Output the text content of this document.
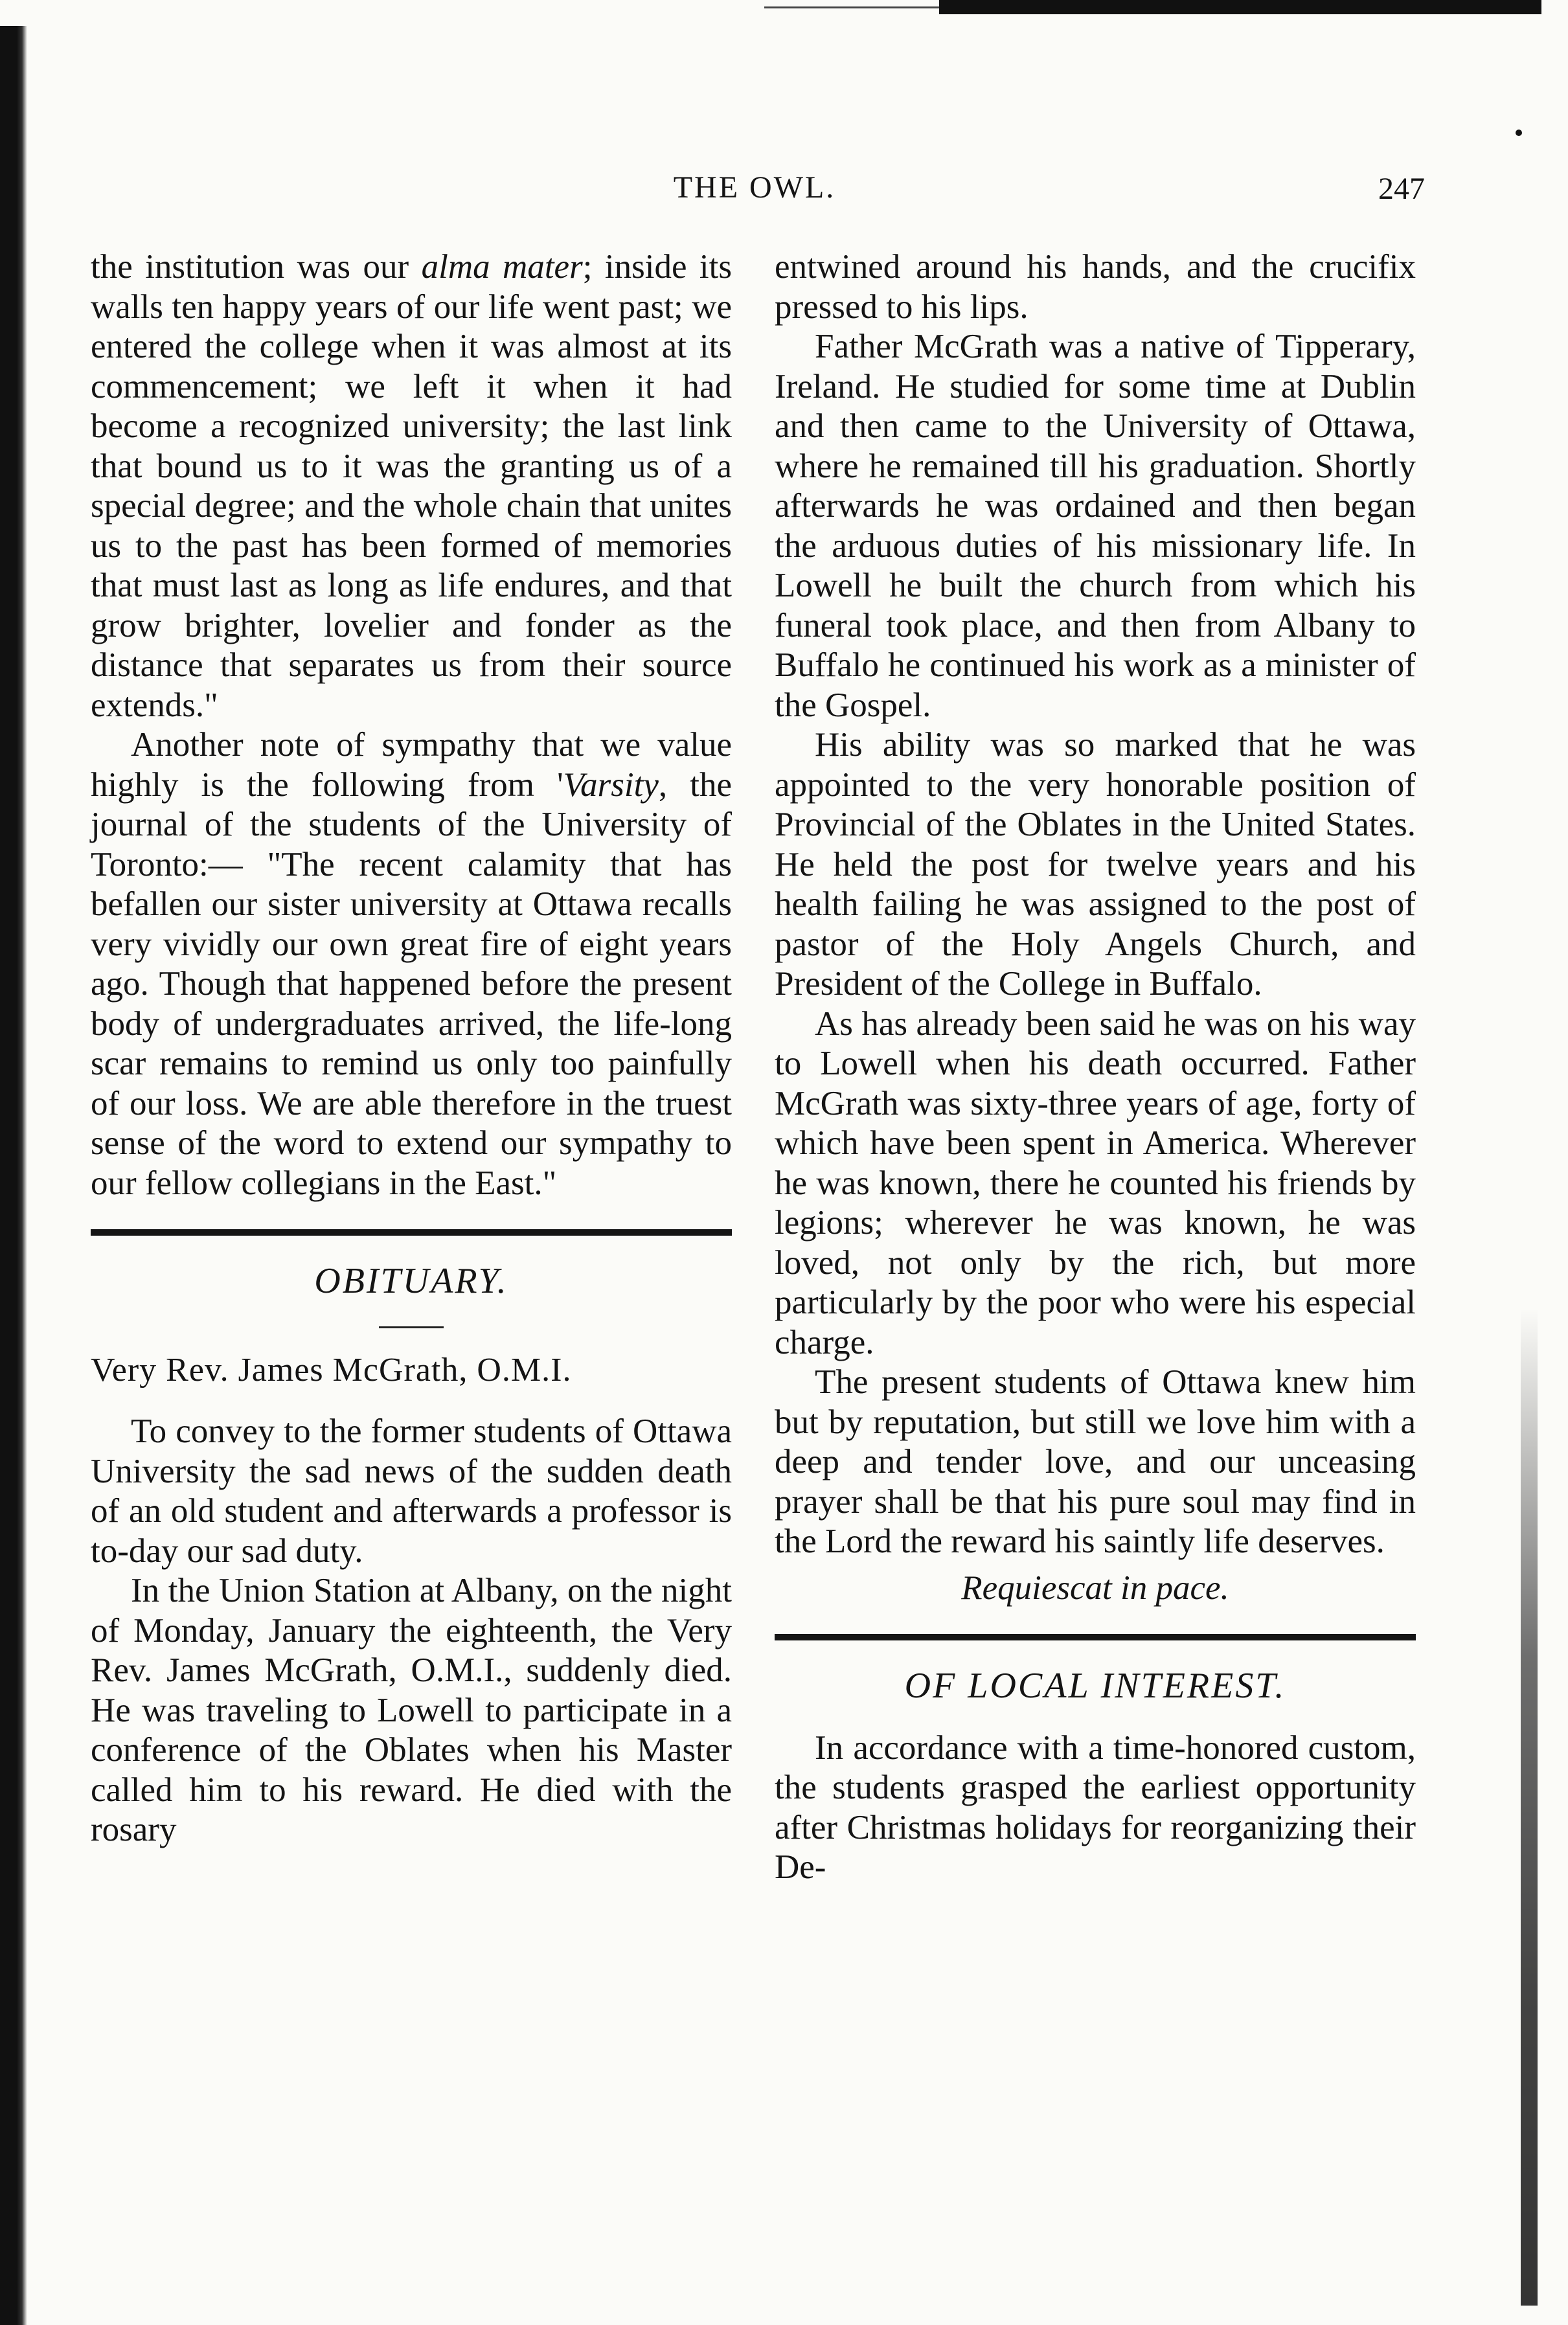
THE OWL.	247

the institution was our alma mater; inside its walls ten happy years of our life went past; we entered the college when it was almost at its commencement; we left it when it had become a recognized university; the last link that bound us to it was the granting us of a special degree; and the whole chain that unites us to the past has been formed of memories that must last as long as life endures, and that grow brighter, lovelier and fonder as the distance that separates us from their source extends."

Another note of sympathy that we value highly is the following from 'Varsity, the journal of the students of the University of Toronto:— "The recent calamity that has befallen our sister university at Ottawa recalls very vividly our own great fire of eight years ago. Though that happened before the present body of undergraduates arrived, the life-long scar remains to remind us only too painfully of our loss. We are able therefore in the truest sense of the word to extend our sympathy to our fellow collegians in the East."

OBITUARY.
Very Rev. James McGrath, O.M.I.

To convey to the former students of Ottawa University the sad news of the sudden death of an old student and afterwards a professor is to-day our sad duty.

In the Union Station at Albany, on the night of Monday, January the eighteenth, the Very Rev. James McGrath, O.M.I., suddenly died. He was traveling to Lowell to participate in a conference of the Oblates when his Master called him to his reward. He died with the rosary

entwined around his hands, and the crucifix pressed to his lips.

Father McGrath was a native of Tipperary, Ireland. He studied for some time at Dublin and then came to the University of Ottawa, where he remained till his graduation. Shortly afterwards he was ordained and then began the arduous duties of his missionary life. In Lowell he built the church from which his funeral took place, and then from Albany to Buffalo he continued his work as a minister of the Gospel.

His ability was so marked that he was appointed to the very honorable position of Provincial of the Oblates in the United States. He held the post for twelve years and his health failing he was assigned to the post of pastor of the Holy Angels Church, and President of the College in Buffalo.

As has already been said he was on his way to Lowell when his death occurred. Father McGrath was sixty-three years of age, forty of which have been spent in America. Wherever he was known, there he counted his friends by legions; wherever he was known, he was loved, not only by the rich, but more particularly by the poor who were his especial charge.

The present students of Ottawa knew him but by reputation, but still we love him with a deep and tender love, and our unceasing prayer shall be that his pure soul may find in the Lord the reward his saintly life deserves.

Requiescat in pace.
OF LOCAL INTEREST.

In accordance with a time-honored custom, the students grasped the earliest opportunity after Christmas holidays for reorganizing their De-
